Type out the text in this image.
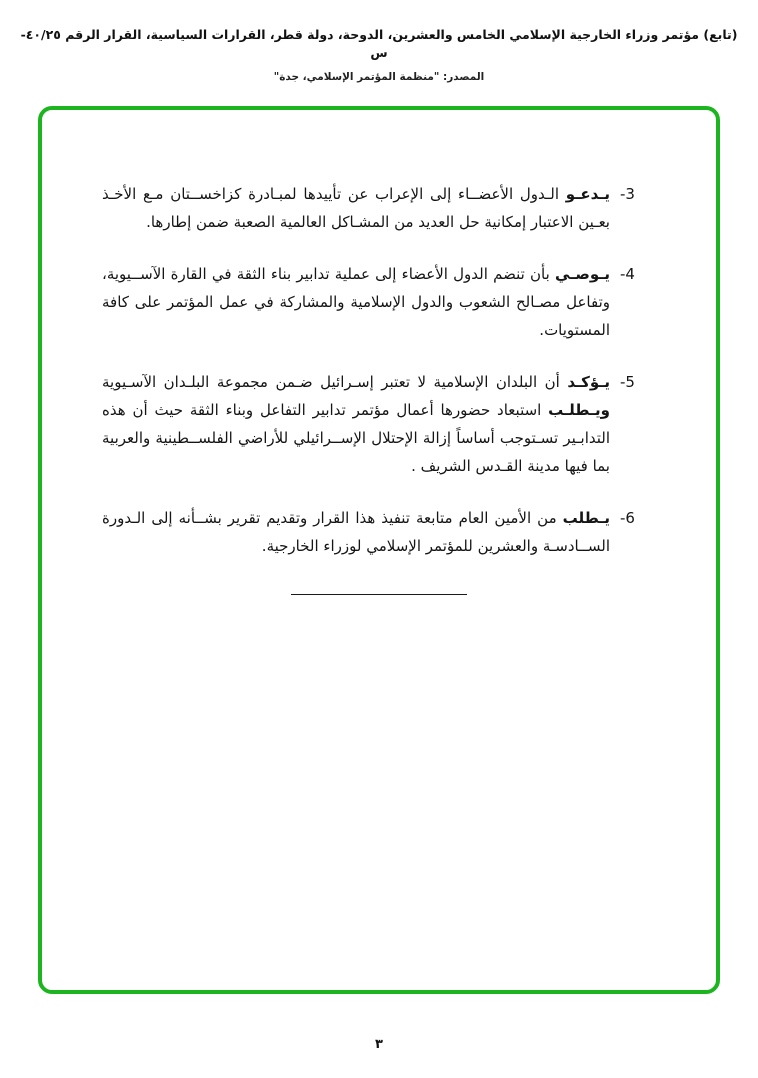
(تابع) مؤتمر وزراء الخارجية الإسلامي الخامس والعشرين، الدوحة، دولة قطر، القرارات السياسية، القرار الرقم ٤٠/٢٥-س
المصدر: "منظمة المؤتمر الإسلامي، جدة"
-3
يـدعـو الـدول الأعضــاء إلى الإعراب عن تأييدها لمبـادرة كزاخســتان مـع الأخـذ بعـين الاعتبار إمكانية حل العديد من المشـاكل العالمية الصعبة ضمن إطارها.
-4
يـوصـي بأن تنضم الدول الأعضاء إلى عملية تدابير بناء الثقة في القارة الآســيوية، وتفاعل مصـالح الشعوب والدول الإسلامية والمشاركة في عمل المؤتمر على كافة المستويات.
-5
يـؤكـد أن البلدان الإسلامية لا تعتبر إسـرائيل ضـمن مجموعة البلـدان الآسـيوية ويـطلـب استبعاد حضورها أعمال مؤتمر تدابير التفاعل وبناء الثقة حيث أن هذه التدابـير تسـتوجب أساساً إزالة الإحتلال الإســرائيلي للأراضي الفلســطينية والعربية بما فيها مدينة القـدس الشريف .
-6
يـطلب من الأمين العام متابعة تنفيذ هذا القرار وتقديم تقرير بشــأنه إلى الـدورة الســادسـة والعشرين للمؤتمر الإسلامي لوزراء الخارجية.
٣
